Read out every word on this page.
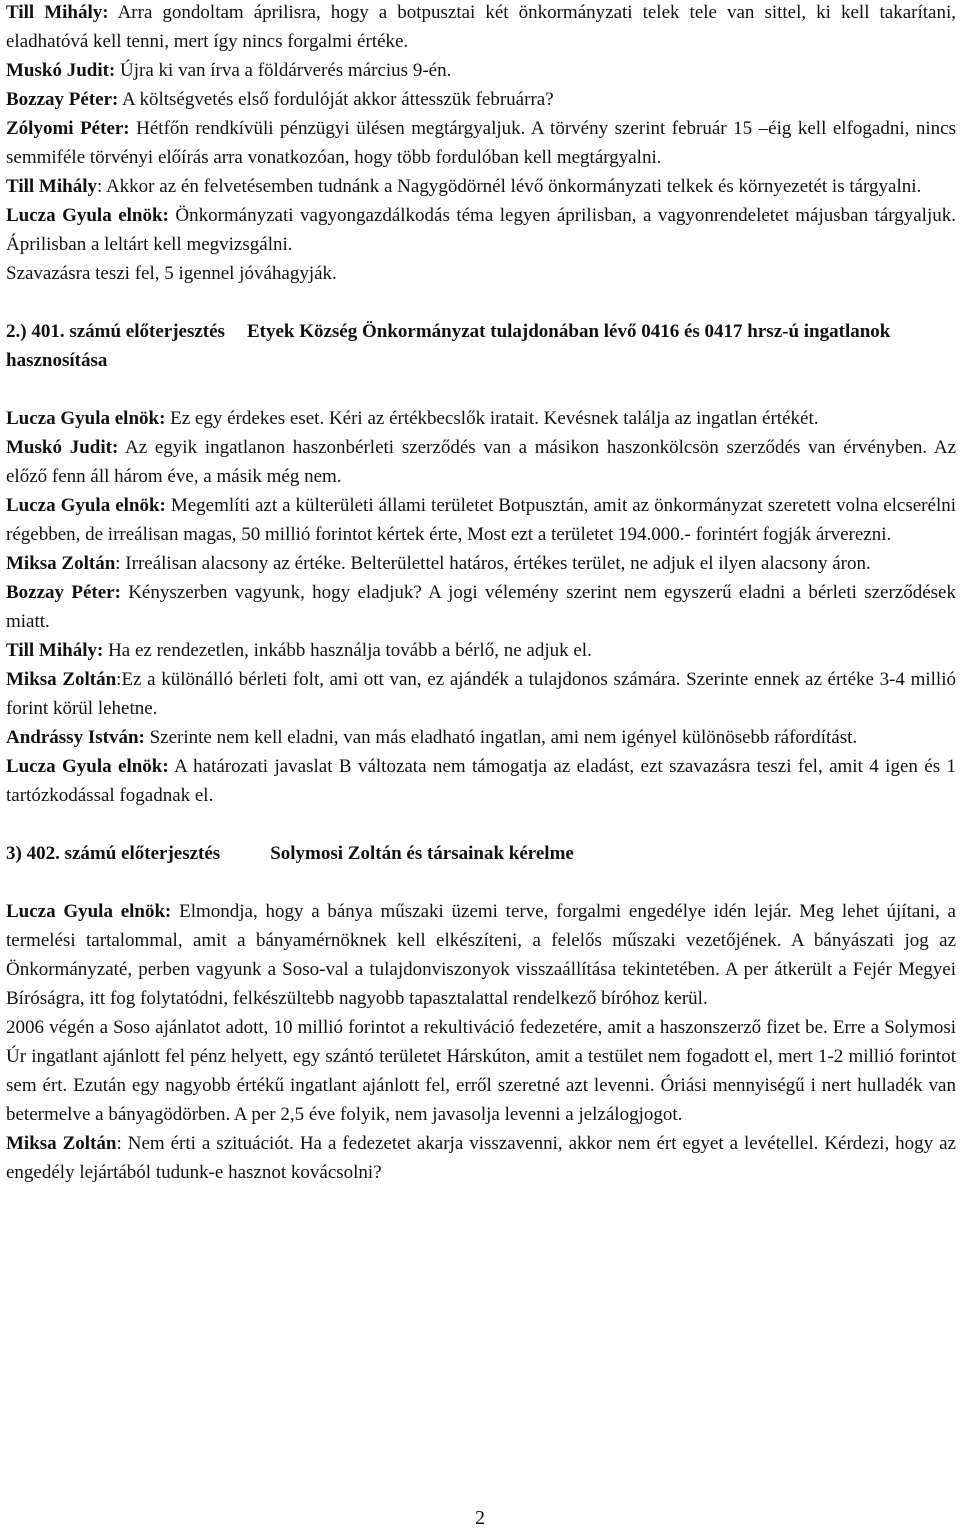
Till Mihály: Arra gondoltam áprilisra, hogy a botpusztai két önkormányzati telek tele van sittel, ki kell takarítani, eladhatóvá kell tenni, mert így nincs forgalmi értéke.

Muskó Judit: Újra ki van írva a földárverés március 9-én.

Bozzay Péter: A költségvetés első fordulóját akkor áttesszük februárra?

Zólyomi Péter: Hétfőn rendkívüli pénzügyi ülésen megtárgyaljuk. A törvény szerint február 15 –éig kell elfogadni, nincs semmiféle törvényi előírás arra vonatkozóan, hogy több fordulóban kell megtárgyalni.

Till Mihály: Akkor az én felvetésemben tudnánk a Nagygödörnél lévő önkormányzati telkek és környezetét is tárgyalni.

Lucza Gyula elnök: Önkormányzati vagyongazdálkodás téma legyen áprilisban, a vagyonrendeletet májusban tárgyaljuk. Áprilisban a leltárt kell megvizsgálni.

Szavazásra teszi fel, 5 igennel jóváhagyják.

2.) 401. számú előterjesztés Etyek Község Önkormányzat tulajdonában lévő 0416 és 0417 hrsz-ú ingatlanok hasznosítása

Lucza Gyula elnök: Ez egy érdekes eset. Kéri az értékbecslők iratait. Kevésnek találja az ingatlan értékét.

Muskó Judit: Az egyik ingatlanon haszonbérleti szerződés van a másikon haszonkölcsön szerződés van érvényben. Az előző fenn áll három éve, a másik még nem.

Lucza Gyula elnök: Megemlíti azt a külterületi állami területet Botpusztán, amit az önkormányzat szeretett volna elcserélni régebben, de irreálisan magas, 50 millió forintot kértek érte, Most ezt a területet 194.000.- forintért fogják árverezni.

Miksa Zoltán: Irreálisan alacsony az értéke. Belterülettel határos, értékes terület, ne adjuk el ilyen alacsony áron.

Bozzay Péter: Kényszerben vagyunk, hogy eladjuk? A jogi vélemény szerint nem egyszerű eladni a bérleti szerződések miatt.

Till Mihály: Ha ez rendezetlen, inkább használja tovább a bérlő, ne adjuk el.

Miksa Zoltán:Ez a különálló bérleti folt, ami ott van, ez ajándék a tulajdonos számára. Szerinte ennek az értéke 3-4 millió forint körül lehetne.

Andrássy István: Szerinte nem kell eladni, van más eladható ingatlan, ami nem igényel különösebb ráfordítást.

Lucza Gyula elnök: A határozati javaslat B változata nem támogatja az eladást, ezt szavazásra teszi fel, amit 4 igen és 1 tartózkodással fogadnak el.

3) 402. számú előterjesztés	Solymosi Zoltán és társainak kérelme

Lucza Gyula elnök: Elmondja, hogy a bánya műszaki üzemi terve, forgalmi engedélye idén lejár. Meg lehet újítani, a termelési tartalommal, amit a bányamérnöknek kell elkészíteni, a felelős műszaki vezetőjének. A bányászati jog az Önkormányzaté, perben vagyunk a Soso-val a tulajdonviszonyok visszaállítása tekintetében. A per átkerült a Fejér Megyei Bíróságra, itt fog folytatódni, felkészültebb nagyobb tapasztalattal rendelkező bíróhoz kerül.

2006 végén a Soso ajánlatot adott, 10 millió forintot a rekultiváció fedezetére, amit a haszonszerző fizet be. Erre a Solymosi Úr ingatlant ajánlott fel pénz helyett, egy szántó területet Hárskúton, amit a testület nem fogadott el, mert 1-2 millió forintot sem ért. Ezután egy nagyobb értékű ingatlant ajánlott fel, erről szeretné azt levenni. Óriási mennyiségű i nert hulladék van betermelve a bányagödörben. A per 2,5 éve folyik, nem javasolja levenni a jelzálogjogot.

Miksa Zoltán: Nem érti a szituációt. Ha a fedezetet akarja visszavenni, akkor nem ért egyet a levétellel. Kérdezi, hogy az engedély lejártából tudunk-e hasznot kovácsolni?

2
